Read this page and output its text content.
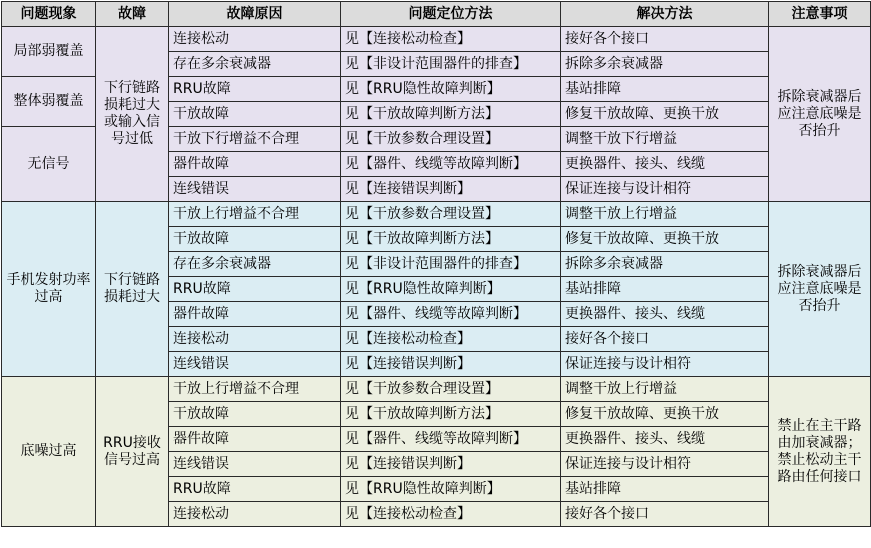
问题现象	故障	故障原因	问题定位方法	解决方法	注意事项
局部弱覆盖	下行链路损耗过大或输入信号过低	连接松动	见【连接松动检查】	接好各个接口	拆除衰减器后应注意底噪是否抬升
		存在多余衰减器	见【非设计范围器件的排查】	拆除多余衰减器	
整体弱覆盖		RRU故障	见【RRU隐性故障判断】	基站排障	
		干放故障	见【干放故障判断方法】	修复干放故障、更换干放	
无信号		干放下行增益不合理	见【干放参数合理设置】	调整干放下行增益	
		器件故障	见【器件、线缆等故障判断】	更换器件、接头、线缆	
		连线错误	见【连接错误判断】	保证连接与设计相符	
手机发射功率过高	下行链路损耗过大	干放上行增益不合理	见【干放参数合理设置】	调整干放上行增益	拆除衰减器后应注意底噪是否抬升
		干放故障	见【干放故障判断方法】	修复干放故障、更换干放	
		存在多余衰减器	见【非设计范围器件的排查】	拆除多余衰减器	
		RRU故障	见【RRU隐性故障判断】	基站排障	
		器件故障	见【器件、线缆等故障判断】	更换器件、接头、线缆	
		连接松动	见【连接松动检查】	接好各个接口	
		连线错误	见【连接错误判断】	保证连接与设计相符	
底噪过高	RRU接收信号过高	干放上行增益不合理	见【干放参数合理设置】	调整干放上行增益	禁止在主干路由加衰减器；禁止松动主干路由任何接口
		干放故障	见【干放故障判断方法】	修复干放故障、更换干放	
		器件故障	见【器件、线缆等故障判断】	更换器件、接头、线缆	
		连线错误	见【连接错误判断】	保证连接与设计相符	
		RRU故障	见【RRU隐性故障判断】	基站排障	
		连接松动	见【连接松动检查】	接好各个接口	
